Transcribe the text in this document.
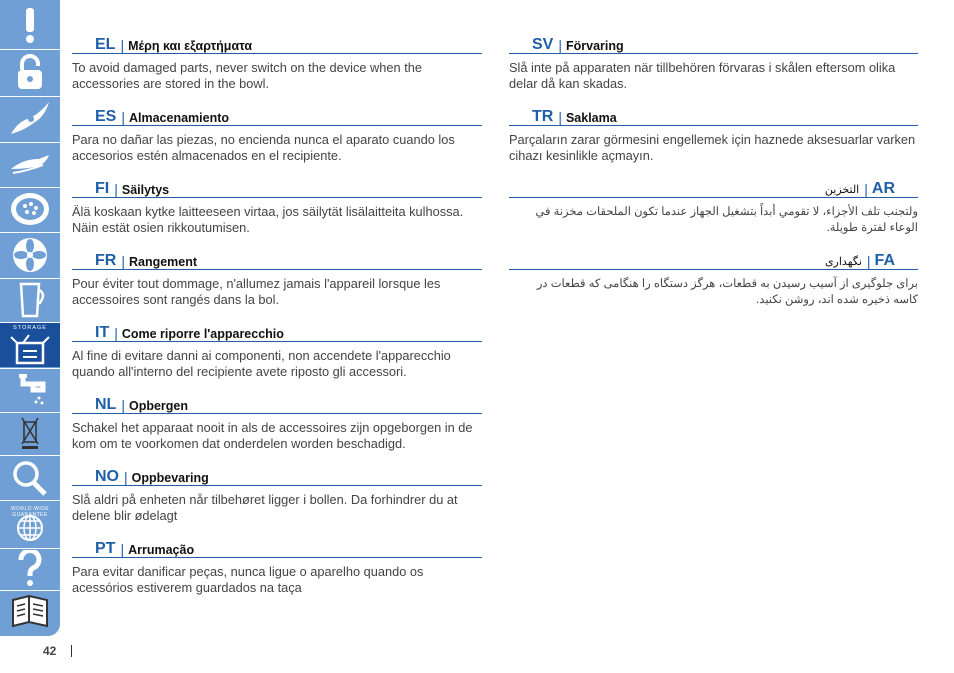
STORAGE
WORLD-WIDE GUARANTEE
EL | Μέρη και εξαρτήματα

To avoid damaged parts, never switch on the device when the accessories are stored in the bowl.

ES | Almacenamiento

Para no dañar las piezas, no encienda nunca el aparato cuando los accesorios estén almacenados en el recipiente.

FI | Säilytys

Älä koskaan kytke laitteeseen virtaa, jos säilytät lisälaitteita kulhossa. Näin estät osien rikkoutumisen.

FR | Rangement

Pour éviter tout dommage, n'allumez jamais l'appareil lorsque les accessoires sont rangés dans la bol.

IT | Come riporre l'apparecchio

Al fine di evitare danni ai componenti, non accendete l'apparecchio quando all'interno del recipiente avete riposto gli accessori.

NL | Opbergen

Schakel het apparaat nooit in als de accessoires zijn opgeborgen in de kom om te voorkomen dat onderdelen worden beschadigd.

NO | Oppbevaring

Slå aldri på enheten når tilbehøret ligger i bollen. Da forhindrer du at delene blir ødelagt

PT | Arrumação

Para evitar danificar peças, nunca ligue o aparelho quando os acessórios estiverem guardados na taça

SV | Förvaring

Slå inte på apparaten när tillbehören förvaras i skålen eftersom olika delar då kan skadas.

TR | Saklama

Parçaların zarar görmesini engellemek için haznede aksesuarlar varken cihazı kesinlikle açmayın.

التخزين | AR

ولتجنب تلف الأجزاء، لا تقومي أبداً بتشغيل الجهاز عندما تكون الملحقات مخزنة في الوعاء لفترة طويلة.

نگهداری | FA

برای جلوگیری از آسیب رسیدن به قطعات، هرگز دستگاه را هنگامی که قطعات در کاسه ذخیره شده اند، روشن نکنید.

42
